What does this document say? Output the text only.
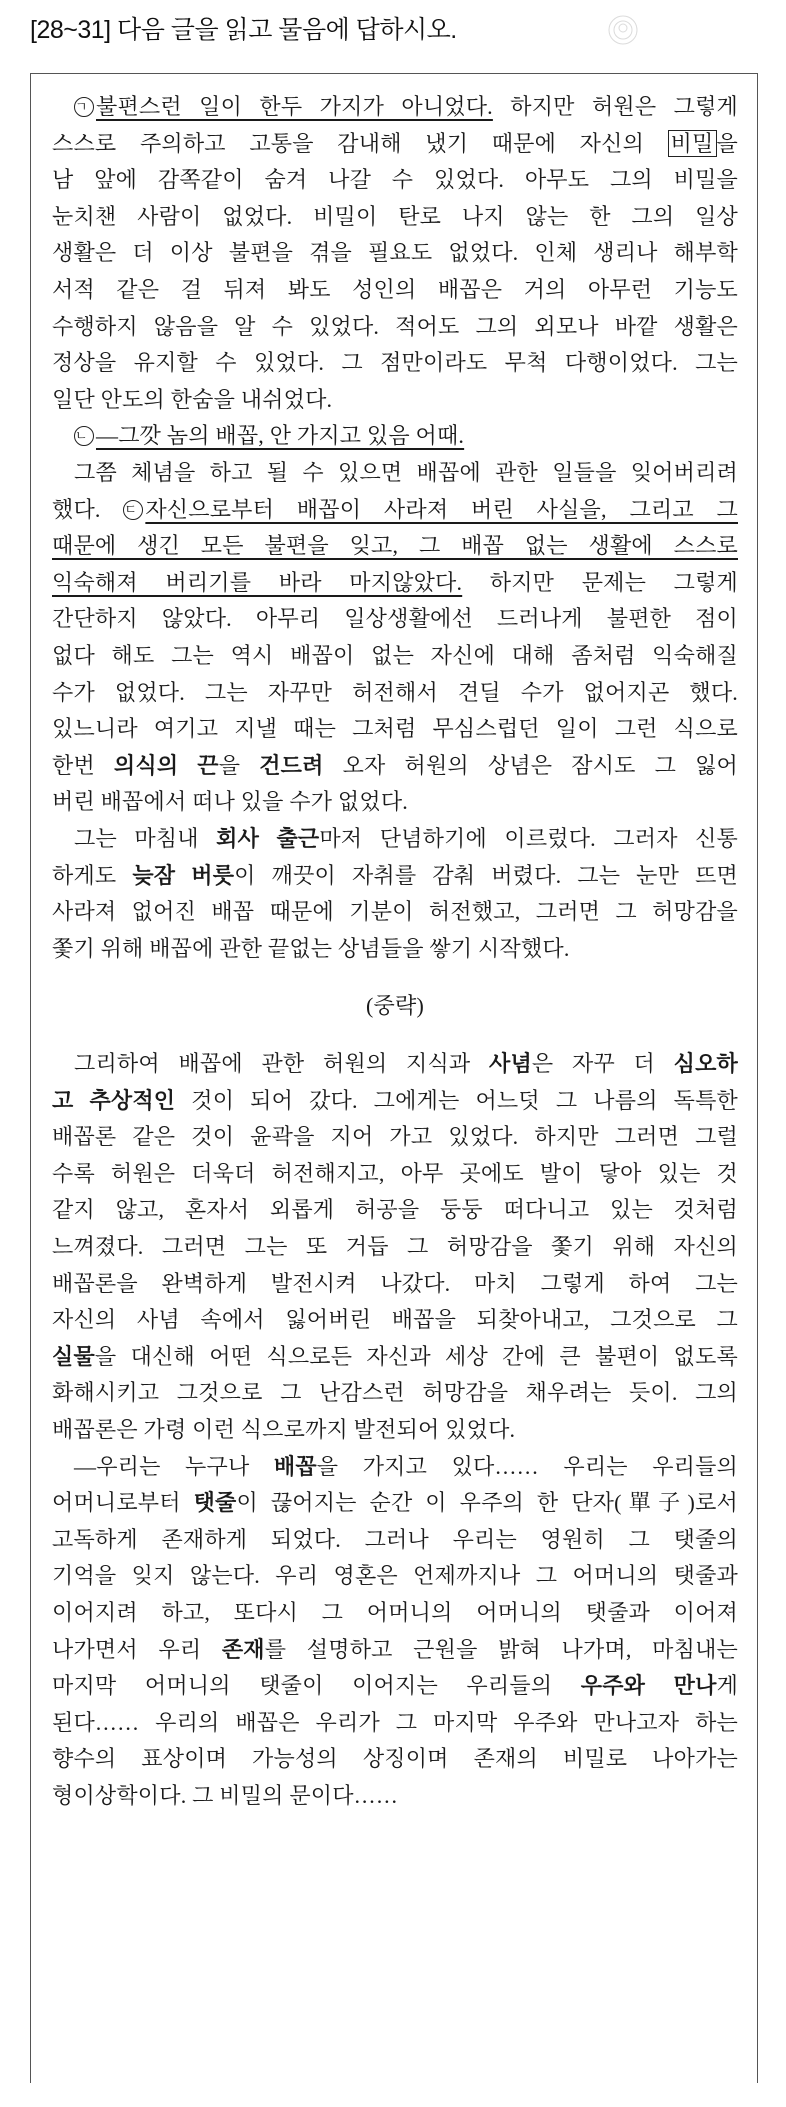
[28~31] 다음 글을 읽고 물음에 답하시오.
ㄱ 불편스런 일이 한두 가지가 아니었다. 하지만 허원은 그렇게
스스로 주의하고 고통을 감내해 냈기 때문에 자신의 비밀 을
남 앞에 감쪽같이 숨겨 나갈 수 있었다. 아무도 그의 비밀을
눈치챈 사람이 없었다. 비밀이 탄로 나지 않는 한 그의 일상
생활은 더 이상 불편을 겪을 필요도 없었다. 인체 생리나 해부학
서적 같은 걸 뒤져 봐도 성인의 배꼽은 거의 아무런 기능도
수행하지 않음을 알 수 있었다. 적어도 그의 외모나 바깥 생활은
정상을 유지할 수 있었다. 그 점만이라도 무척 다행이었다. 그는
일단 안도의 한숨을 내쉬었다.
ㄴ ―그깟 놈의 배꼽, 안 가지고 있음 어때.
그쯤 체념을 하고 될 수 있으면 배꼽에 관한 일들을 잊어버리려
했다. ㄷ 자신으로부터 배꼽이 사라져 버린 사실을, 그리고 그
때문에 생긴 모든 불편을 잊고, 그 배꼽 없는 생활에 스스로
익숙해져 버리기를 바라 마지않았다. 하지만 문제는 그렇게
간단하지 않았다. 아무리 일상생활에선 드러나게 불편한 점이
없다 해도 그는 역시 배꼽이 없는 자신에 대해 좀처럼 익숙해질
수가 없었다. 그는 자꾸만 허전해서 견딜 수가 없어지곤 했다.
있느니라 여기고 지낼 때는 그처럼 무심스럽던 일이 그런 식으로
한번 의식의 끈을 건드려 오자 허원의 상념은 잠시도 그 잃어
버린 배꼽에서 떠나 있을 수가 없었다.
그는 마침내 회사 출근마저 단념하기에 이르렀다. 그러자 신통
하게도 늦잠 버릇이 깨끗이 자취를 감춰 버렸다. 그는 눈만 뜨면
사라져 없어진 배꼽 때문에 기분이 허전했고, 그러면 그 허망감을
쫓기 위해 배꼽에 관한 끝없는 상념들을 쌓기 시작했다.
(중략)
그리하여 배꼽에 관한 허원의 지식과 사념은 자꾸 더 심오하
고 추상적인 것이 되어 갔다. 그에게는 어느덧 그 나름의 독특한
배꼽론 같은 것이 윤곽을 지어 가고 있었다. 하지만 그러면 그럴
수록 허원은 더욱더 허전해지고, 아무 곳에도 발이 닿아 있는 것
같지 않고, 혼자서 외롭게 허공을 둥둥 떠다니고 있는 것처럼
느껴졌다. 그러면 그는 또 거듭 그 허망감을 쫓기 위해 자신의
배꼽론을 완벽하게 발전시켜 나갔다. 마치 그렇게 하여 그는
자신의 사념 속에서 잃어버린 배꼽을 되찾아내고, 그것으로 그
실물을 대신해 어떤 식으로든 자신과 세상 간에 큰 불편이 없도록
화해시키고 그것으로 그 난감스런 허망감을 채우려는 듯이. 그의
배꼽론은 가령 이런 식으로까지 발전되어 있었다.
―우리는 누구나 배꼽을 가지고 있다…… 우리는 우리들의
어머니로부터 탯줄이 끊어지는 순간 이 우주의 한 단자(單子)로서
고독하게 존재하게 되었다. 그러나 우리는 영원히 그 탯줄의
기억을 잊지 않는다. 우리 영혼은 언제까지나 그 어머니의 탯줄과
이어지려 하고, 또다시 그 어머니의 어머니의 탯줄과 이어져
나가면서 우리 존재를 설명하고 근원을 밝혀 나가며, 마침내는
마지막 어머니의 탯줄이 이어지는 우리들의 우주와 만나게
된다…… 우리의 배꼽은 우리가 그 마지막 우주와 만나고자 하는
향수의 표상이며 가능성의 상징이며 존재의 비밀로 나아가는
형이상학이다. 그 비밀의 문이다……
